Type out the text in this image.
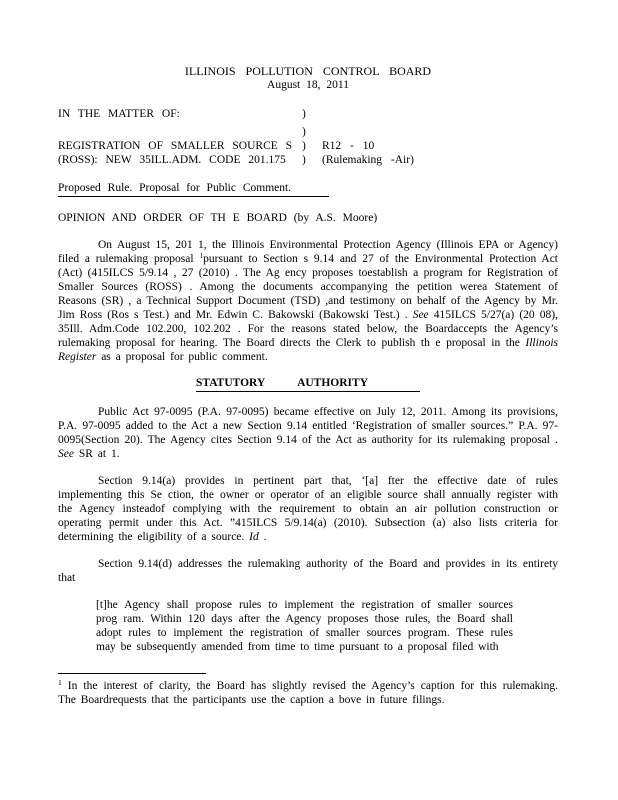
ILLINOIS POLLUTION CONTROL BOARD
August 18, 2011
IN THE MATTER OF:	)
)
REGISTRATION OF SMALLER SOURCE S )	R12 - 10
(ROSS): NEW 35ILL.ADM. CODE 201.175	)	(Rulemaking -Air)
Proposed Rule. Proposal for Public Comment.
OPINION AND ORDER OF TH E BOARD (by A.S. Moore)

On August 15, 201 1, the Illinois Environmental Protection Agency (Illinois EPA or Agency) filed a rulemaking proposal $^1$pursuant to Section s 9.14 and 27 of the Environmental Protection Act (Act) (415ILCS 5/9.14 , 27 (2010) . The Ag ency proposes toestablish a program for Registration of Smaller Sources (ROSS) . Among the documents accompanying the petition werea Statement of Reasons (SR) , a Technical Support Document (TSD) ,and testimony on behalf of the Agency by Mr. Jim Ross (Ros s Test.) and Mr. Edwin C. Bakowski (Bakowski Test.) . See 415ILCS 5/27(a) (20 08), 35Ill. Adm.Code 102.200, 102.202 . For the reasons stated below, the Boardaccepts the Agency’s rulemaking proposal for hearing. The Board directs the Clerk to publish th e proposal in the Illinois Register as a proposal for public comment.

STATUTORY AUTHORITY

Public Act 97-0095 (P.A. 97-0095) became effective on July 12, 2011. Among its provisions, P.A. 97-0095 added to the Act a new Section 9.14 entitled ‘Registration of smaller sources.” P.A. 97-0095(Section 20). The Agency cites Section 9.14 of the Act as authority for its rulemaking proposal . See SR at 1.

Section 9.14(a) provides in pertinent part that, ‘[a] fter the effective date of rules implementing this Se ction, the owner or operator of an eligible source shall annually register with the Agency insteadof complying with the requirement to obtain an air pollution construction or operating permit under this Act. ”415ILCS 5/9.14(a) (2010). Subsection (a) also lists criteria for determining the eligibility of a source. Id .

Section 9.14(d) addresses the rulemaking authority of the Board and provides in its entirety that

[t]he Agency shall propose rules to implement the registration of smaller sources prog ram. Within 120 days after the Agency proposes those rules, the Board shall adopt rules to implement the registration of smaller sources program. These rules may be subsequently amended from time to time pursuant to a proposal filed with
$^1$ In the interest of clarity, the Board has slightly revised the Agency’s caption for this rulemaking. The Boardrequests that the participants use the caption a bove in future filings.
